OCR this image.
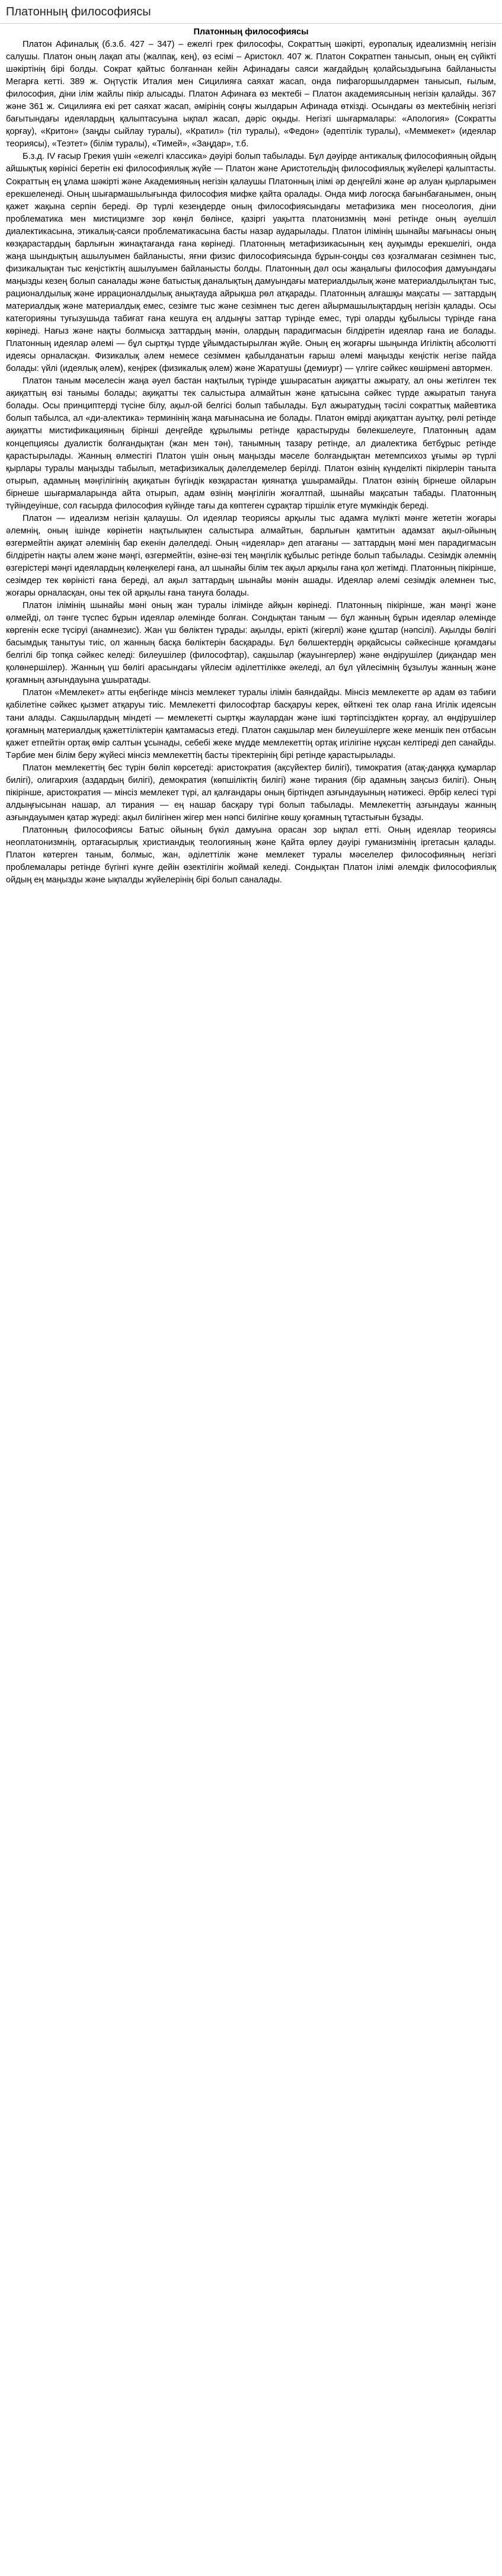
Платонның философиясы
Платонның философиясы

Платон Афиналық (б.з.б. 427 – 347) – ежелгі грек философы, Сократтың шәкірті, еуропалық идеализмнің негізін салушы. Платон оның лақап аты (жалпақ, кең), өз есімі – Аристокл. 407 ж. Платон Сократпен танысып, оның ең сүйікті шәкіртінің бірі болды. Сократ қайтыс болғаннан кейін Афинадағы саяси жағдайдың қолайсыздығына байланысты Мегарға кетті. 389 ж. Оңтүстік Италия мен Сицилияға саяхат жасап, онда пифагоршылдармен танысып, ғылым, философия, діни ілім жайлы пікір алысады. Платон Афинаға өз мектебі – Платон академиясының негізін қалайды. 367 және 361 ж. Сицилияға екі рет саяхат жасап, әмірінің соңғы жылдарын Афинада өткізді. Осындағы өз мектебінің негізгі бағытындағы идеялардың қалыптасуына ықпал жасап, дәріс оқыды. Негізгі шығармалары: «Апология» (Сократты қорғау), «Критон» (заңды сыйлау туралы), «Кратил» (тіл туралы), «Федон» (әдептілік туралы), «Меммекет» (идеялар теориясы), «Теэтет» (білім туралы), «Тимей», «Заңдар», т.б.

Б.з.д. IV ғасыр Грекия үшін «ежелгі классика» дәуірі болып табылады. Бұл дәуірде антикалық философияның ойдың айшықтық көрінісі беретін екі философиялық жүйе — Платон және Аристотельдің философиялық жүйелері қалыптасты. Сократтың ең ұлама шәкірті және Академияның негізін қалаушы Платонның ілімі әр деңгейлі және әр алуан қырларымен ерекшеленеді. Оның шығармашылығында философия мифке қайта оралады. Онда миф логосқа бағынбағанымен, оның қажет жақына серпін береді. Әр түрлі кезеңдерде оның философиясындағы метафизика мен гносеология, діни проблематика мен мистицизмге зор көңіл бөлінсе, қазіргі уақытта платонизмнің мәні ретінде оның әуелшіл диалектикасына, этикалық-саяси проблематикасына басты назар аударылады. Платон ілімінің шынайы мағынасы оның көзқарастардың барлығын жинақтағанда ғана көрінеді. Платонның метафизикасының кең ауқымды ерекшелігі, онда жаңа шындықтың ашылуымен байланысты, яғни физис философиясында бұрын-соңды сөз қозғалмаған сезімнен тыс, физикалықтан тыс кеңістіктің ашылуымен байланысты болды. Платонның дәл осы жаңалығы философия дамуындағы маңызды кезең болып саналады және батыстық даналықтың дамуындағы материалдылық және материалдылықтан тыс, рационалдылық және иррационалдылық анықтауда айрықша рөл атқарады. Платонның алғашқы мақсаты — заттардың материалдық және материалдық емес, сезімге тыс және сезімнен тыс деген айырмашылықтардың негізін қалады. Осы категорияны туғызушыда табиғат ғана кешуға ең алдыңғы заттар түрінде емес, түрі оларды құбылысы түрінде ғана көрінеді. Нағыз және нақты болмысқа заттардың мәнін, олардың парадигмасын білдіретін идеялар ғана ие болады. Платонның идеялар әлемі — бұл сыртқы түрде ұйымдастырылған жүйе. Оның ең жоғарғы шыңында Игіліктің абсолютті идеясы орналасқан. Физикалық әлем немесе сезіммен қабылданатын ғарыш әлемі маңызды кеңістік негізе пайда болады: үйлі (идеялық әлем), кеңірек (физикалық әлем) және Жаратушы (демиург) — үлгіге сәйкес көшірмені автормен.

Платон таным мәселесін жаңа әуел бастан нақтылық түрінде ұшырасатын ақиқатты ажырату, ал оны жетілген тек ақиқаттың өзі танымы болады; ақиқатты тек салыстыра алмайтын және қатысына сәйкес түрде ажыратып тануға болады. Осы принциптерді түсіне білу, ақыл-ой белгісі болып табылады. Бұл ажыратудың тәсілі сократтық майевтика болып табылса, ал «ди-алектика» терминінің жаңа мағынасына ие болады. Платон өмірді ақиқаттан ауытқу, рөлі ретінде ақиқатты мистификацияның бірінші деңгейде құрылымы ретінде қарастыруды бөлекшелеуге, Платонның адам концепциясы дуалистік болғандықтан (жан мен тән), танымның тазару ретінде, ал диалектика бетбұрыс ретінде қарастырылады. Жанның өлместігі Платон үшін оның маңызды мәселе болғандықтан метемпсихоз ұғымы әр түрлі қырлары туралы маңызды табылып, метафизикалық дәлелдемелер берілді. Платон өзінің күнделікті пікірлерін таныта отырып, адамның мәңгілігінің ақиқатын бүгіндік көзқарастан қиянатқа ұшырамайды. Платон өзінің бірнеше ойларын бірнеше шығармаларында айта отырып, адам өзінің мәңгілігін жоғалтпай, шынайы мақсатын табады. Платонның түйіндеуінше, сол ғасырда философия күйінде тағы да көптеген сұрақтар тіршілік етуге мүмкіндік береді.

Платон — идеализм негізін қалаушы. Ол идеялар теориясы арқылы тыс адамға мүлікті мәнге жететін жоғары әлемнің, оның ішінде көрінетін нақтылықпен салыстыра алмайтын, барлығын қамтитын адамзат ақыл-ойының өзгермейтін ақиқат әлемінің бар екенін дәлелдеді. Оның «идеялар» деп атағаны — заттардың мәні мен парадигмасын білдіретін нақты әлем және мәңгі, өзгермейтін, өзіне-өзі тең мәңгілік құбылыс ретінде болып табылады. Сезімдік әлемнің өзгерістері мәңгі идеялардың көлеңкелері ғана, ал шынайы білім тек ақыл арқылы ғана қол жетімді. Платонның пікірінше, сезімдер тек көріністі ғана береді, ал ақыл заттардың шынайы мәнін ашады. Идеялар әлемі сезімдік әлемнен тыс, жоғары орналасқан, оны тек ой арқылы ғана тануға болады.

Платон ілімінің шынайы мәні оның жан туралы ілімінде айқын көрінеді. Платонның пікірінше, жан мәңгі және өлмейді, ол тәнге түспес бұрын идеялар әлемінде болған. Сондықтан таным — бұл жанның бұрын идеялар әлемінде көргенін еске түсіруі (анамнезис). Жан үш бөліктен тұрады: ақылды, ерікті (жігерлі) және құштар (нәпсілі). Ақылды бөлігі басымдық танытуы тиіс, ол жанның басқа бөліктерін басқарады. Бұл бөлшектердің әрқайсысы сәйкесінше қоғамдағы белгілі бір топқа сәйкес келеді: билеушілер (философтар), сақшылар (жауынгерлер) және өндірушілер (диқандар мен қолөнершілер). Жанның үш бөлігі арасындағы үйлесім әділеттілікке әкеледі, ал бұл үйлесімнің бұзылуы жанның және қоғамның азғындауына ұшыратады.

Платон «Мемлекет» атты еңбегінде мінсіз мемлекет туралы ілімін баяндайды. Мінсіз мемлекетте әр адам өз табиғи қабілетіне сәйкес қызмет атқаруы тиіс. Мемлекетті философтар басқаруы керек, өйткені тек олар ғана Игілік идеясын тани алады. Сақшылардың міндеті — мемлекетті сыртқы жаулардан және ішкі тәртіпсіздіктен қорғау, ал өндірушілер қоғамның материалдық қажеттіліктерін қамтамасыз етеді. Платон сақшылар мен билеушілерге жеке меншік пен отбасын қажет етпейтін ортақ өмір салтын ұсынады, себебі жеке мүдде мемлекеттің ортақ игілігіне нұқсан келтіреді деп санайды. Тәрбие мен білім беру жүйесі мінсіз мемлекеттің басты тіректерінің бірі ретінде қарастырылады.

Платон мемлекеттің бес түрін бөліп көрсетеді: аристократия (ақсүйектер билігі), тимократия (атақ-даңққа құмарлар билігі), олигархия (аздардың билігі), демократия (көпшіліктің билігі) және тирания (бір адамның заңсыз билігі). Оның пікірінше, аристократия — мінсіз мемлекет түрі, ал қалғандары оның біртіндеп азғындауының нәтижесі. Әрбір келесі түрі алдыңғысынан нашар, ал тирания — ең нашар басқару түрі болып табылады. Мемлекеттің азғындауы жанның азғындауымен қатар жүреді: ақыл билігінен жігер мен нәпсі билігіне көшу қоғамның тұтастығын бұзады.

Платонның философиясы Батыс ойының бүкіл дамуына орасан зор ықпал етті. Оның идеялар теориясы неоплатонизмнің, ортағасырлық христиандық теологияның және Қайта өрлеу дәуірі гуманизмінің іргетасын қалады. Платон көтерген таным, болмыс, жан, әділеттілік және мемлекет туралы мәселелер философияның негізгі проблемалары ретінде бүгінгі күнге дейін өзектілігін жоймай келеді. Сондықтан Платон ілімі әлемдік философиялық ойдың ең маңызды және ықпалды жүйелерінің бірі болып саналады.
